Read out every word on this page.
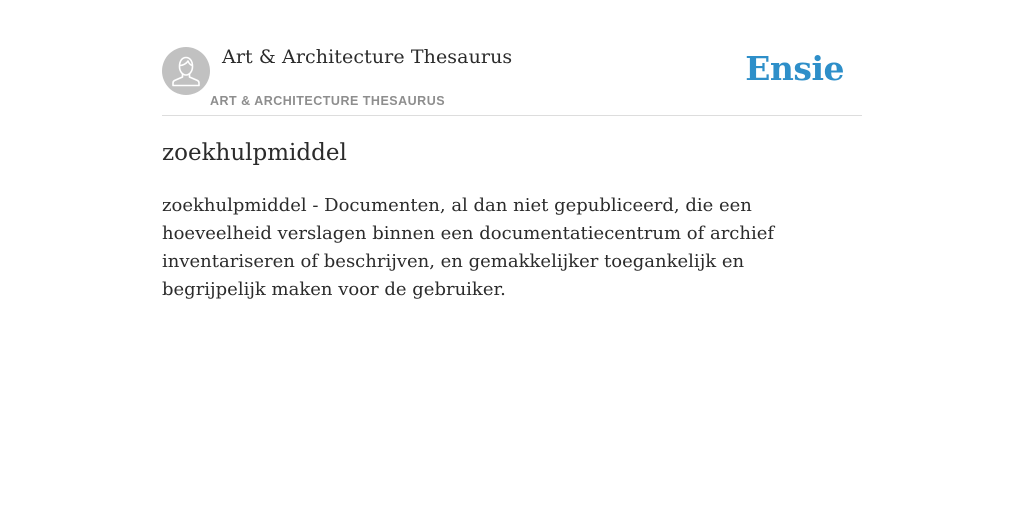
Art & Architecture Thesaurus
ART & ARCHITECTURE THESAURUS
Ensie
zoekhulpmiddel

zoekhulpmiddel - Documenten, al dan niet gepubliceerd, die een hoeveelheid verslagen binnen een documentatiecentrum of archief inventariseren of beschrijven, en gemakkelijker toegankelijk en begrijpelijk maken voor de gebruiker.
